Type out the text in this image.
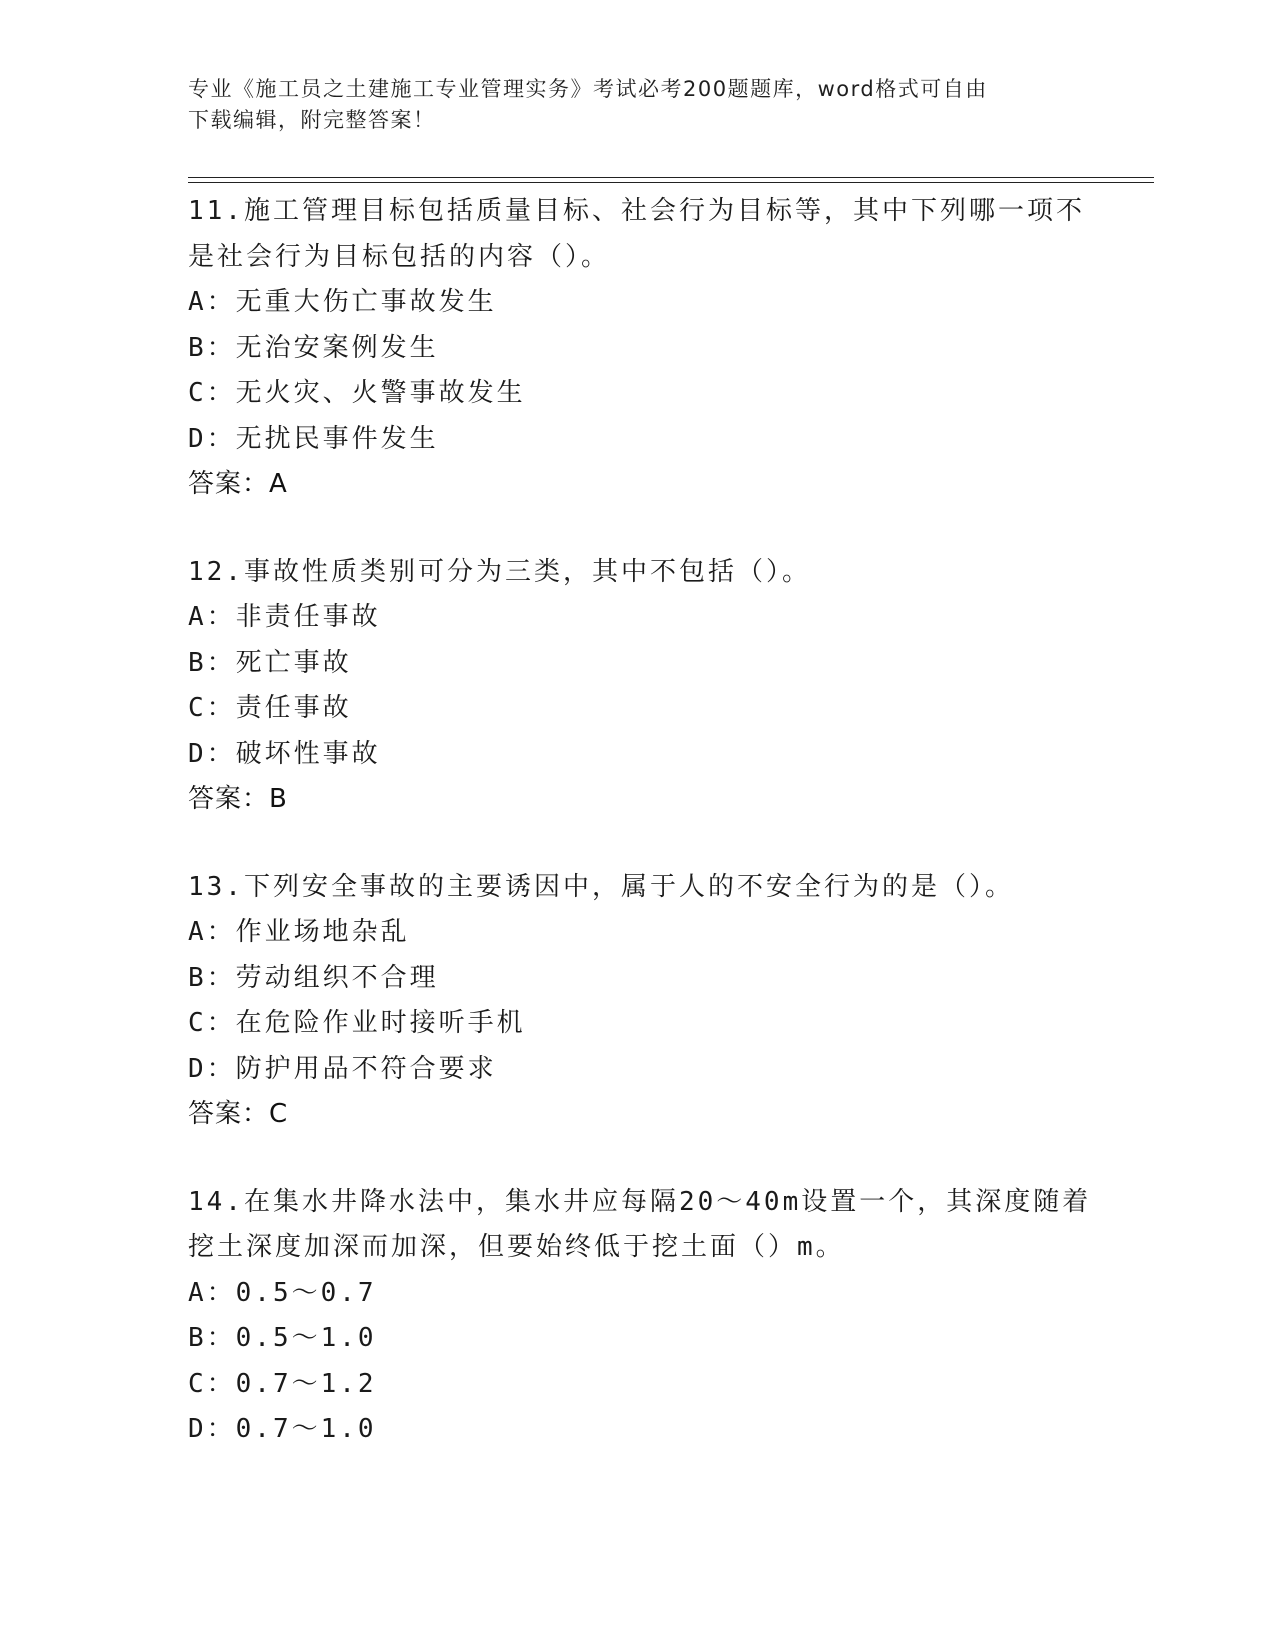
专业《施工员之土建施工专业管理实务》考试必考200题题库，word格式可自由
下载编辑，附完整答案！
11.施工管理目标包括质量目标、社会行为目标等，其中下列哪一项不
是社会行为目标包括的内容（）。
A：无重大伤亡事故发生
B：无治安案例发生
C：无火灾、火警事故发生
D：无扰民事件发生
答案：A
12.事故性质类别可分为三类，其中不包括（）。
A：非责任事故
B：死亡事故
C：责任事故
D：破坏性事故
答案：B
13.下列安全事故的主要诱因中，属于人的不安全行为的是（）。
A：作业场地杂乱
B：劳动组织不合理
C：在危险作业时接听手机
D：防护用品不符合要求
答案：C
14.在集水井降水法中，集水井应每隔20～40m设置一个，其深度随着
挖土深度加深而加深，但要始终低于挖土面（）m。
A：0.5～0.7
B：0.5～1.0
C：0.7～1.2
D：0.7～1.0
